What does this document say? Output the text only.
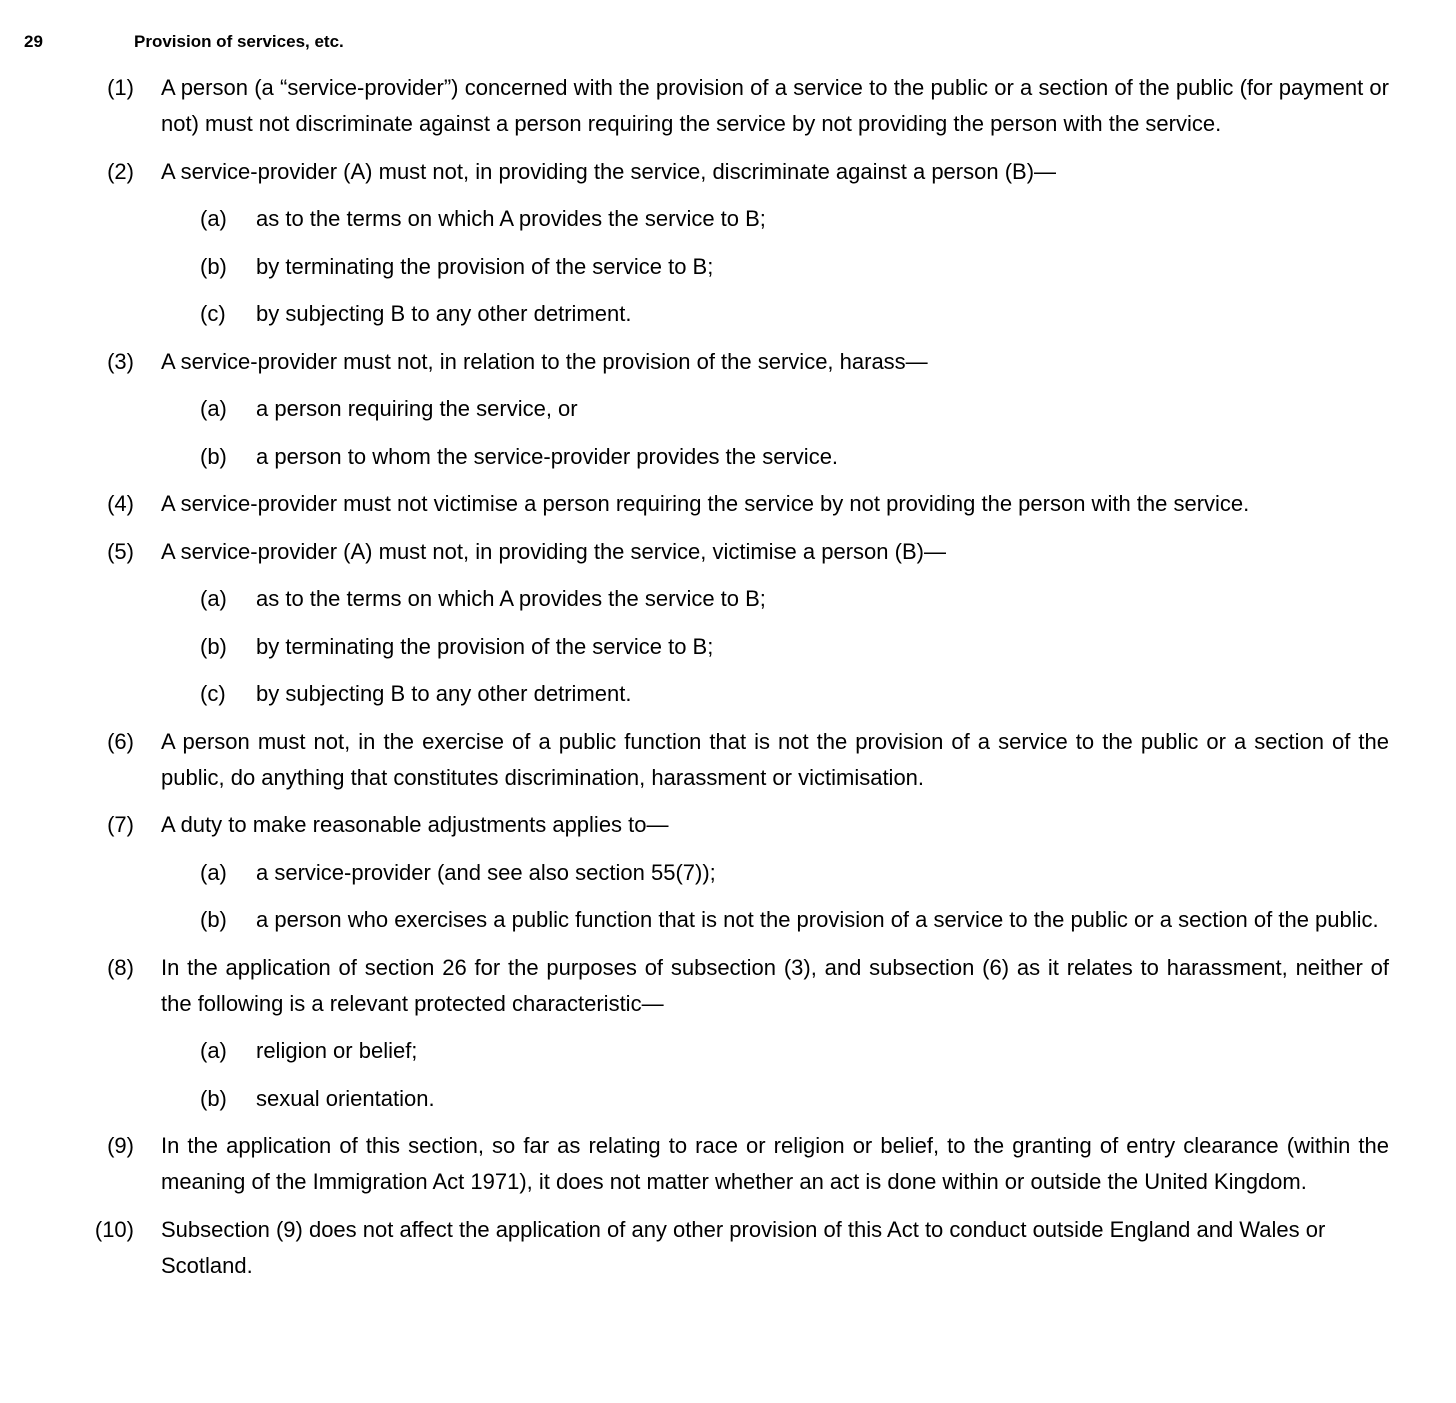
29	Provision of services, etc.
(1) A person (a “service-provider”) concerned with the provision of a service to the public or a section of the public (for payment or not) must not discriminate against a person requiring the service by not providing the person with the service.
(2) A service-provider (A) must not, in providing the service, discriminate against a person (B)—
(a) as to the terms on which A provides the service to B;
(b) by terminating the provision of the service to B;
(c) by subjecting B to any other detriment.
(3) A service-provider must not, in relation to the provision of the service, harass—
(a) a person requiring the service, or
(b) a person to whom the service-provider provides the service.
(4) A service-provider must not victimise a person requiring the service by not providing the person with the service.
(5) A service-provider (A) must not, in providing the service, victimise a person (B)—
(a) as to the terms on which A provides the service to B;
(b) by terminating the provision of the service to B;
(c) by subjecting B to any other detriment.
(6) A person must not, in the exercise of a public function that is not the provision of a service to the public or a section of the public, do anything that constitutes discrimination, harassment or victimisation.
(7) A duty to make reasonable adjustments applies to—
(a) a service-provider (and see also section 55(7));
(b) a person who exercises a public function that is not the provision of a service to the public or a section of the public.
(8) In the application of section 26 for the purposes of subsection (3), and subsection (6) as it relates to harassment, neither of the following is a relevant protected characteristic—
(a) religion or belief;
(b) sexual orientation.
(9) In the application of this section, so far as relating to race or religion or belief, to the granting of entry clearance (within the meaning of the Immigration Act 1971), it does not matter whether an act is done within or outside the United Kingdom.
(10) Subsection (9) does not affect the application of any other provision of this Act to conduct outside England and Wales or Scotland.
